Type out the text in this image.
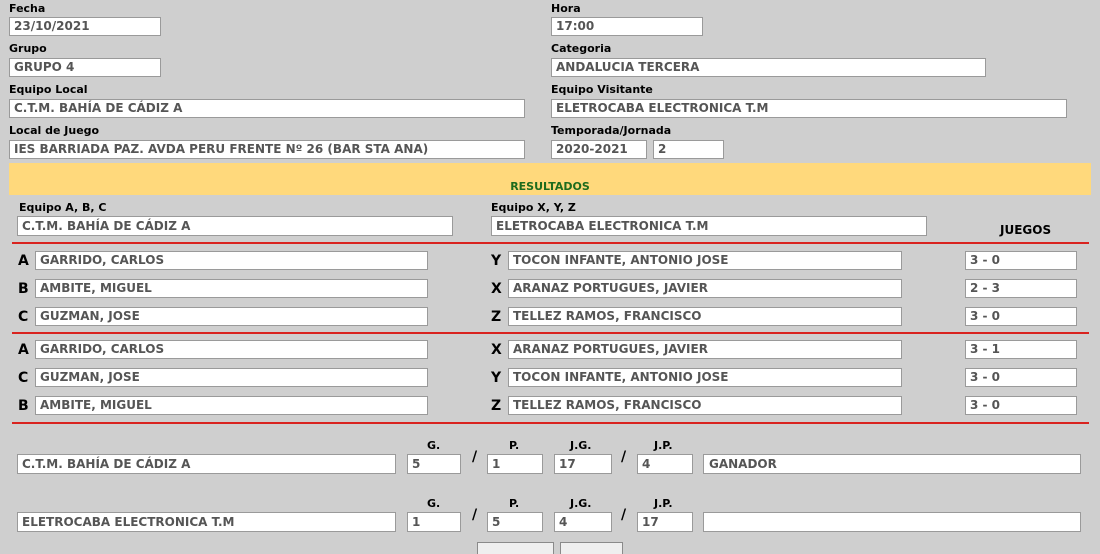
Fecha
23/10/2021
Hora
17:00
Grupo
GRUPO 4
Categoria
ANDALUCIA TERCERA
Equipo Local
C.T.M. BAHÍA DE CÁDIZ A
Equipo Visitante
ELETROCABA ELECTRONICA T.M
Local de Juego
IES BARRIADA PAZ. AVDA PERU FRENTE Nº 26 (BAR STA ANA)
Temporada/Jornada
2020-2021	2
RESULTADOS
Equipo A, B, C
C.T.M. BAHÍA DE CÁDIZ A
Equipo X, Y, Z
ELETROCABA ELECTRONICA T.M	JUEGOS
A GARRIDO, CARLOS	Y TOCON INFANTE, ANTONIO JOSE	3 - 0
B AMBITE, MIGUEL	X ARANAZ PORTUGUES, JAVIER	2 - 3
C GUZMAN, JOSE	Z TELLEZ RAMOS, FRANCISCO	3 - 0
A GARRIDO, CARLOS	X ARANAZ PORTUGUES, JAVIER	3 - 1
C GUZMAN, JOSE	Y TOCON INFANTE, ANTONIO JOSE	3 - 0
B AMBITE, MIGUEL	Z TELLEZ RAMOS, FRANCISCO	3 - 0
G.	P.	J.G.	J.P.
C.T.M. BAHÍA DE CÁDIZ A	5	/	1	17	/	4	GANADOR
G.	P.	J.G.	J.P.
ELETROCABA ELECTRONICA T.M	1	/	5	4	/	17
